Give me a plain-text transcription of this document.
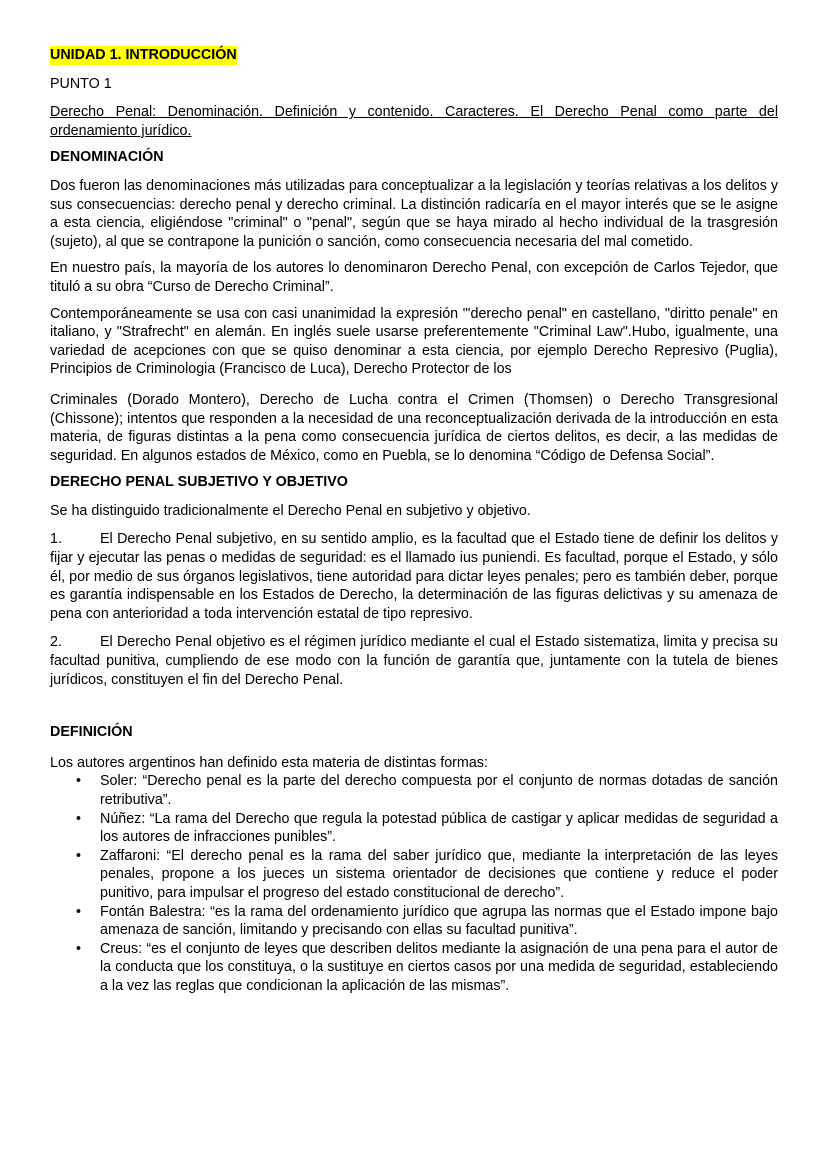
UNIDAD 1. INTRODUCCIÓN

PUNTO 1

Derecho Penal: Denominación. Definición y contenido. Caracteres. El Derecho Penal como parte del ordenamiento jurídico.

DENOMINACIÓN

Dos fueron las denominaciones más utilizadas para conceptualizar a la legislación y teorías relativas a los delitos y sus consecuencias: derecho penal y derecho criminal. La distinción radicaría en el mayor interés que se le asigne a esta ciencia, eligiéndose "criminal" o "penal", según que se haya mirado al hecho individual de la trasgresión (sujeto), al que se contrapone la punición o sanción, como consecuencia necesaria del mal cometido.

En nuestro país, la mayoría de los autores lo denominaron Derecho Penal, con excepción de Carlos Tejedor, que tituló a su obra “Curso de Derecho Criminal”.

Contemporáneamente se usa con casi unanimidad la expresión "'derecho penal" en castellano, "diritto penale" en italiano, y "Strafrecht" en alemán. En inglés suele usarse preferentemente "Criminal Law".Hubo, igualmente, una variedad de acepciones con que se quiso denominar a esta ciencia, por ejemplo Derecho Represivo (Puglia), Principios de Criminologia (Francisco de Luca), Derecho Protector de los

Criminales (Dorado Montero), Derecho de Lucha contra el Crimen (Thomsen) o Derecho Transgresional (Chissone); intentos que responden a la necesidad de una reconceptualización derivada de la introducción en esta materia, de figuras distintas a la pena como consecuencia jurídica de ciertos delitos, es decir, a las medidas de seguridad. En algunos estados de México, como en Puebla, se lo denomina “Código de Defensa Social”.

DERECHO PENAL SUBJETIVO Y OBJETIVO

Se ha distinguido tradicionalmente el Derecho Penal en subjetivo y objetivo.

1.	El Derecho Penal subjetivo, en su sentido amplio, es la facultad que el Estado tiene de definir los delitos y fijar y ejecutar las penas o medidas de seguridad: es el llamado ius puniendi. Es facultad, porque el Estado, y sólo él, por medio de sus órganos legislativos, tiene autoridad para dictar leyes penales; pero es también deber, porque es garantía indispensable en los Estados de Derecho, la determinación de las figuras delictivas y su amenaza de pena con anterioridad a toda intervención estatal de tipo represivo.

2.	El Derecho Penal objetivo es el régimen jurídico mediante el cual el Estado sistematiza, limita y precisa su facultad punitiva, cumpliendo de ese modo con la función de garantía que, juntamente con la tutela de bienes jurídicos, constituyen el fin del Derecho Penal.

DEFINICIÓN

Los autores argentinos han definido esta materia de distintas formas:

• Soler: “Derecho penal es la parte del derecho compuesta por el conjunto de normas dotadas de sanción retributiva”.
• Núñez: “La rama del Derecho que regula la potestad pública de castigar y aplicar medidas de seguridad a los autores de infracciones punibles”.
• Zaffaroni: “El derecho penal es la rama del saber jurídico que, mediante la interpretación de las leyes penales, propone a los jueces un sistema orientador de decisiones que contiene y reduce el poder punitivo, para impulsar el progreso del estado constitucional de derecho”.
• Fontán Balestra: “es la rama del ordenamiento jurídico que agrupa las normas que el Estado impone bajo amenaza de sanción, limitando y precisando con ellas su facultad punitiva”.
• Creus: “es el conjunto de leyes que describen delitos mediante la asignación de una pena para el autor de la conducta que los constituya, o la sustituye en ciertos casos por una medida de seguridad, estableciendo a la vez las reglas que condicionan la aplicación de las mismas”.
